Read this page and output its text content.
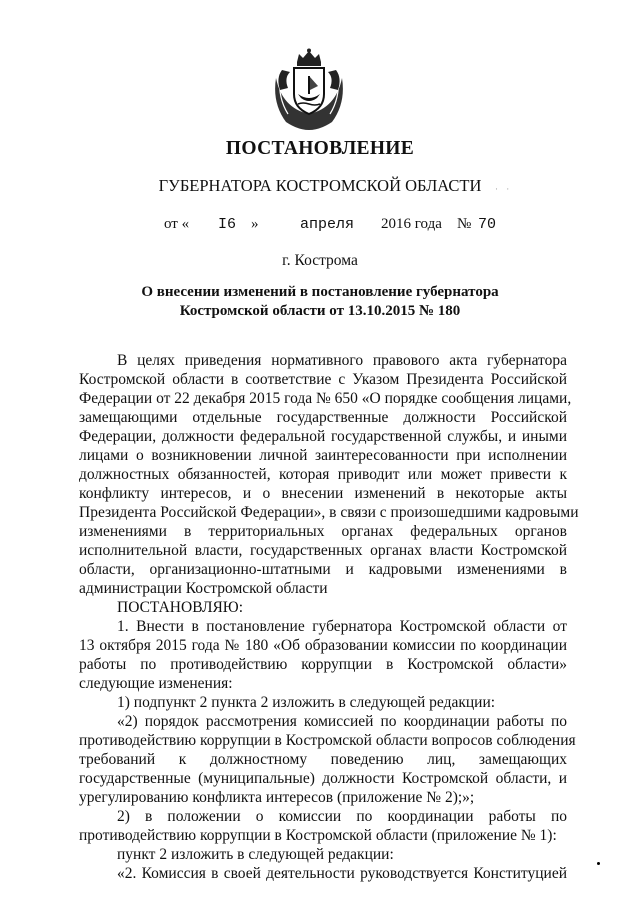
ПОСТАНОВЛЕНИЕ
ГУБЕРНАТОРА КОСТРОМСКОЙ ОБЛАСТИ	· ·
от « I6 »	апреля 2016 года № 70
г. Кострома
О внесении изменений в постановление губернатора
Костромской области от 13.10.2015 № 180
В целях приведения нормативного правового акта губернатора
Костромской области в соответствие с Указом Президента Российской
Федерации от 22 декабря 2015 года № 650 «О порядке сообщения лицами,
замещающими отдельные государственные должности Российской
Федерации, должности федеральной государственной службы, и иными
лицами о возникновении личной заинтересованности при исполнении
должностных обязанностей, которая приводит или может привести к
конфликту интересов, и о внесении изменений в некоторые акты
Президента Российской Федерации», в связи с произошедшими кадровыми
изменениями в территориальных органах федеральных органов
исполнительной власти, государственных органах власти Костромской
области, организационно-штатными и кадровыми изменениями в
администрации Костромской области
ПОСТАНОВЛЯЮ:
1. Внести в постановление губернатора Костромской области от
13 октября 2015 года № 180 «Об образовании комиссии по координации
работы по противодействию коррупции в Костромской области»
следующие изменения:
1) подпункт 2 пункта 2 изложить в следующей редакции:
«2) порядок рассмотрения комиссией по координации работы по
противодействию коррупции в Костромской области вопросов соблюдения
требований к должностному поведению лиц, замещающих
государственные (муниципальные) должности Костромской области, и
урегулированию конфликта интересов (приложение № 2);»;
2) в положении о комиссии по координации работы по
противодействию коррупции в Костромской области (приложение № 1):
пункт 2 изложить в следующей редакции:
«2. Комиссия в своей деятельности руководствуется Конституцией
